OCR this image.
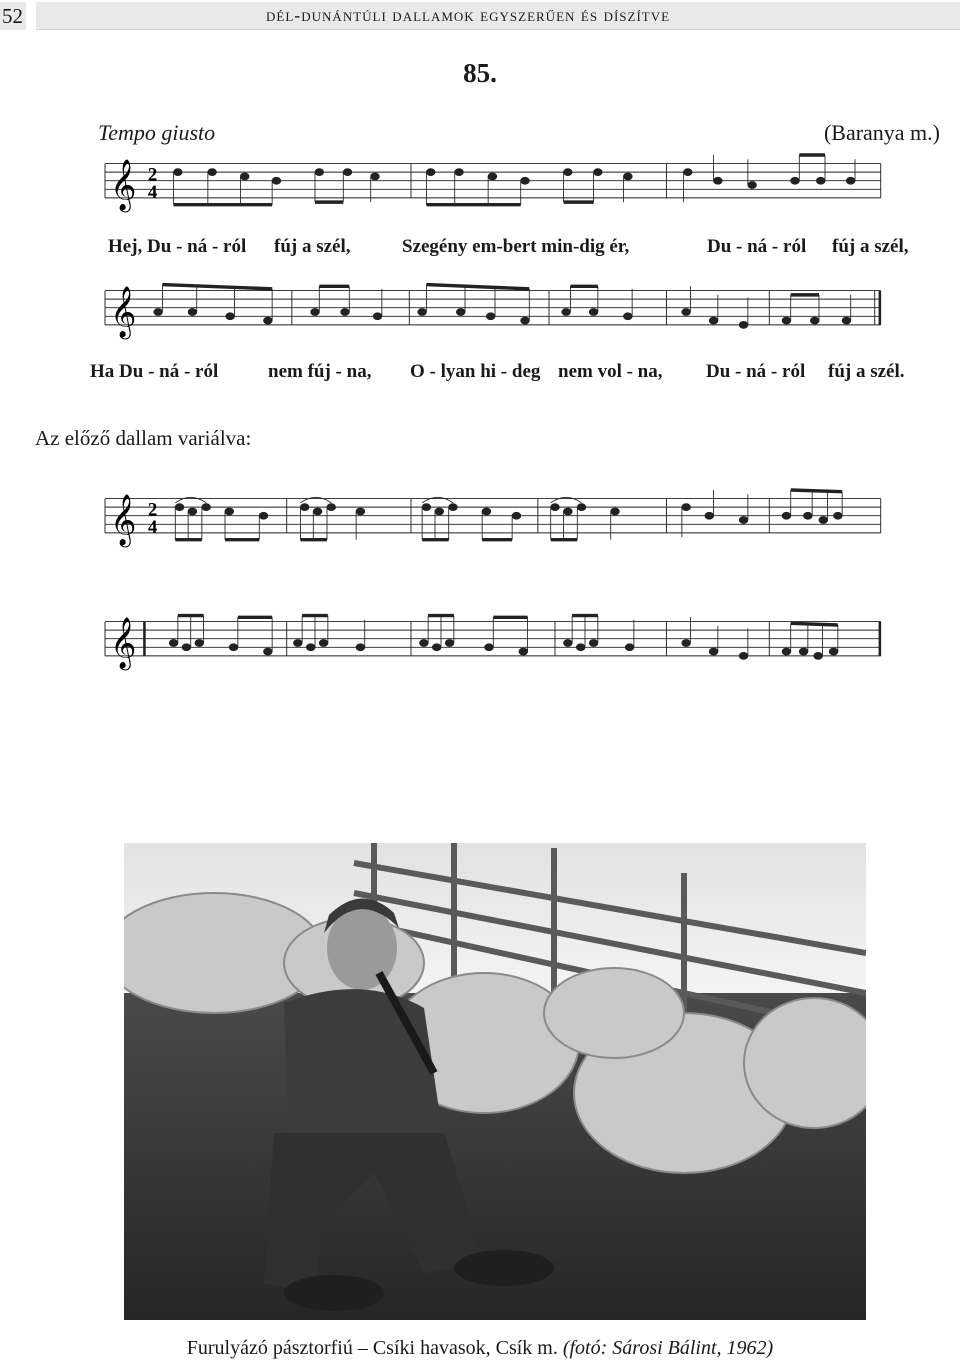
52	dél-dunántúli dallamok egyszerűen és díszítve
85.
Tempo giusto	(Baranya m.)
𝄞 2
4
Hej, Du - ná - ról fúj a szél,	Szegény em-bert min-dig ér,	Du - ná - ról fúj a szél,
𝄞
Ha Du - ná - ról	nem fúj - na, O - lyan hi - deg nem vol - na, Du - ná - ról fúj a szél.
Az előző dallam variálva:
𝄞 2
4
𝄞
Furulyázó pásztorfiú – Csíki havasok, Csík m. (fotó: Sárosi Bálint, 1962)
